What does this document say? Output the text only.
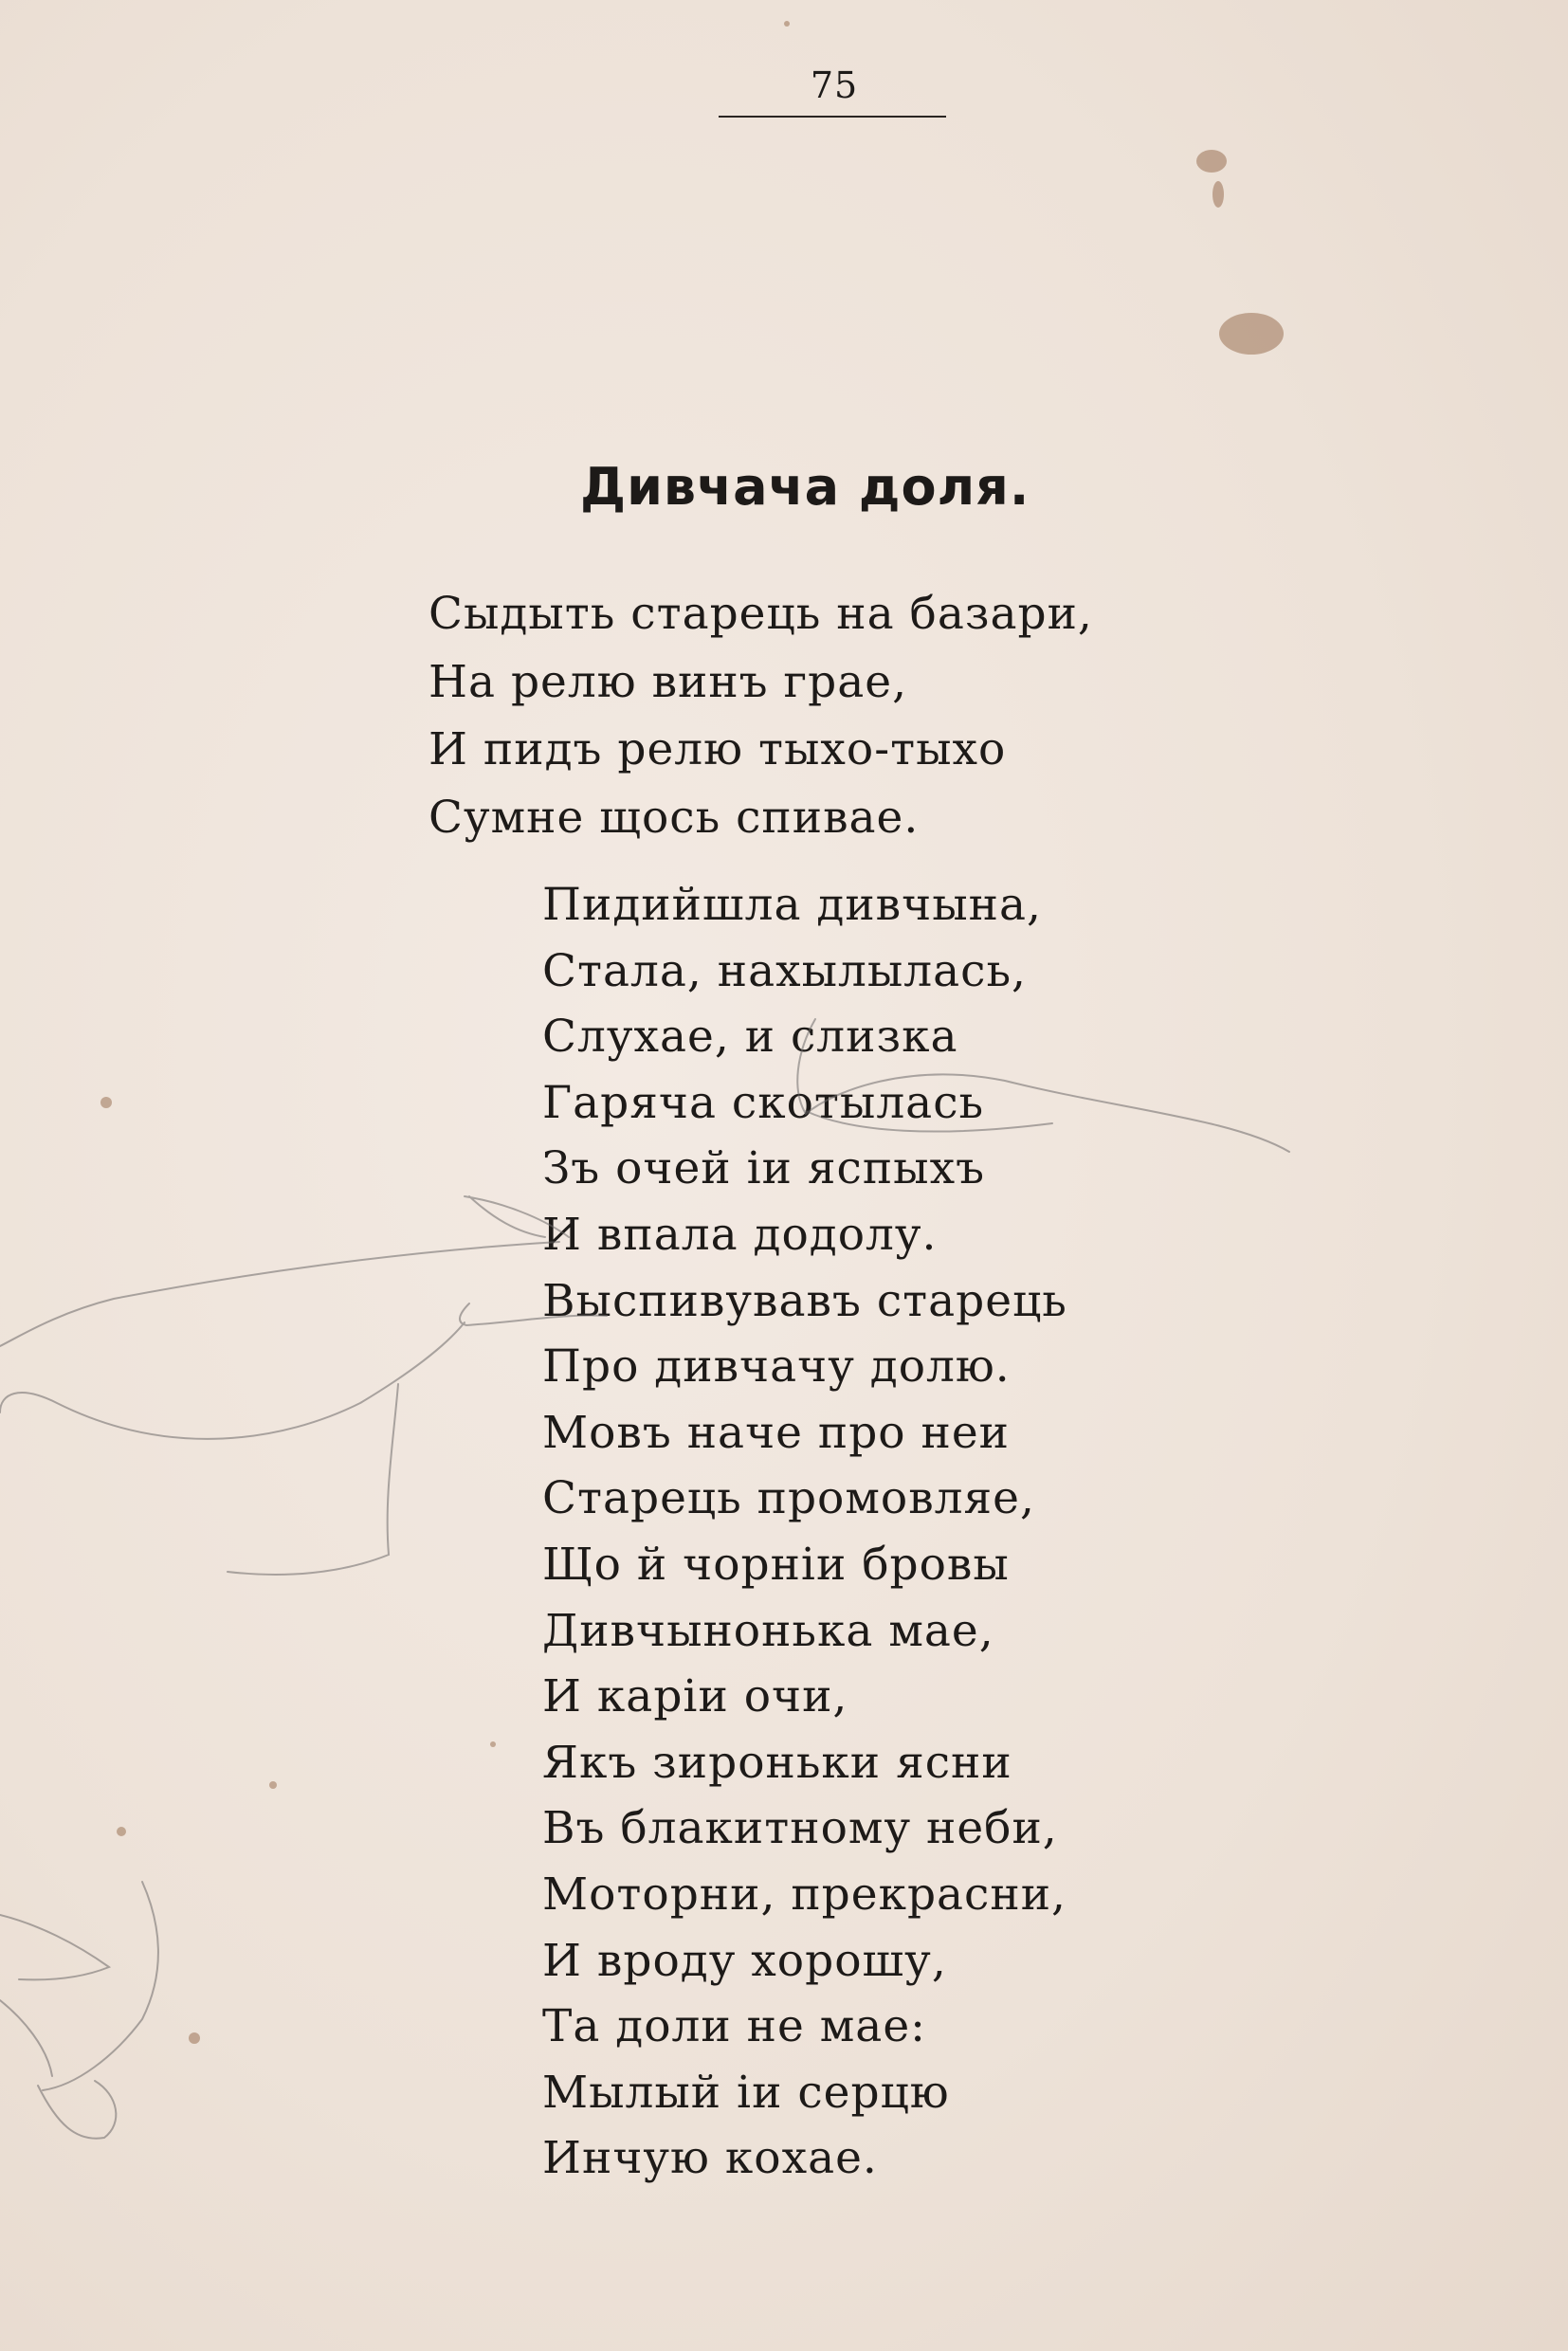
75
Дивчача доля.
Сыдыть старець на базари,
На релю винъ грае,
И пидъ релю тыхо-тыхо
Сумне щось спивае.
Пидийшла дивчына,
Стала, нахылылась,
Слухае, и слизка
Гаряча скотылась
Зъ очей іи яспыхъ
И впала додолу.
Выспивувавъ старець
Про дивчачу долю.
Мовъ наче про неи
Старець промовляе,
Що й чорніи бровы
Дивчынонька мае,
И каріи очи,
Якъ зироньки ясни
Въ блакитному неби,
Моторни, прекрасни,
И вроду хорошу,
Та доли не мае:
Мылый іи серцю
Инчую кохае.
